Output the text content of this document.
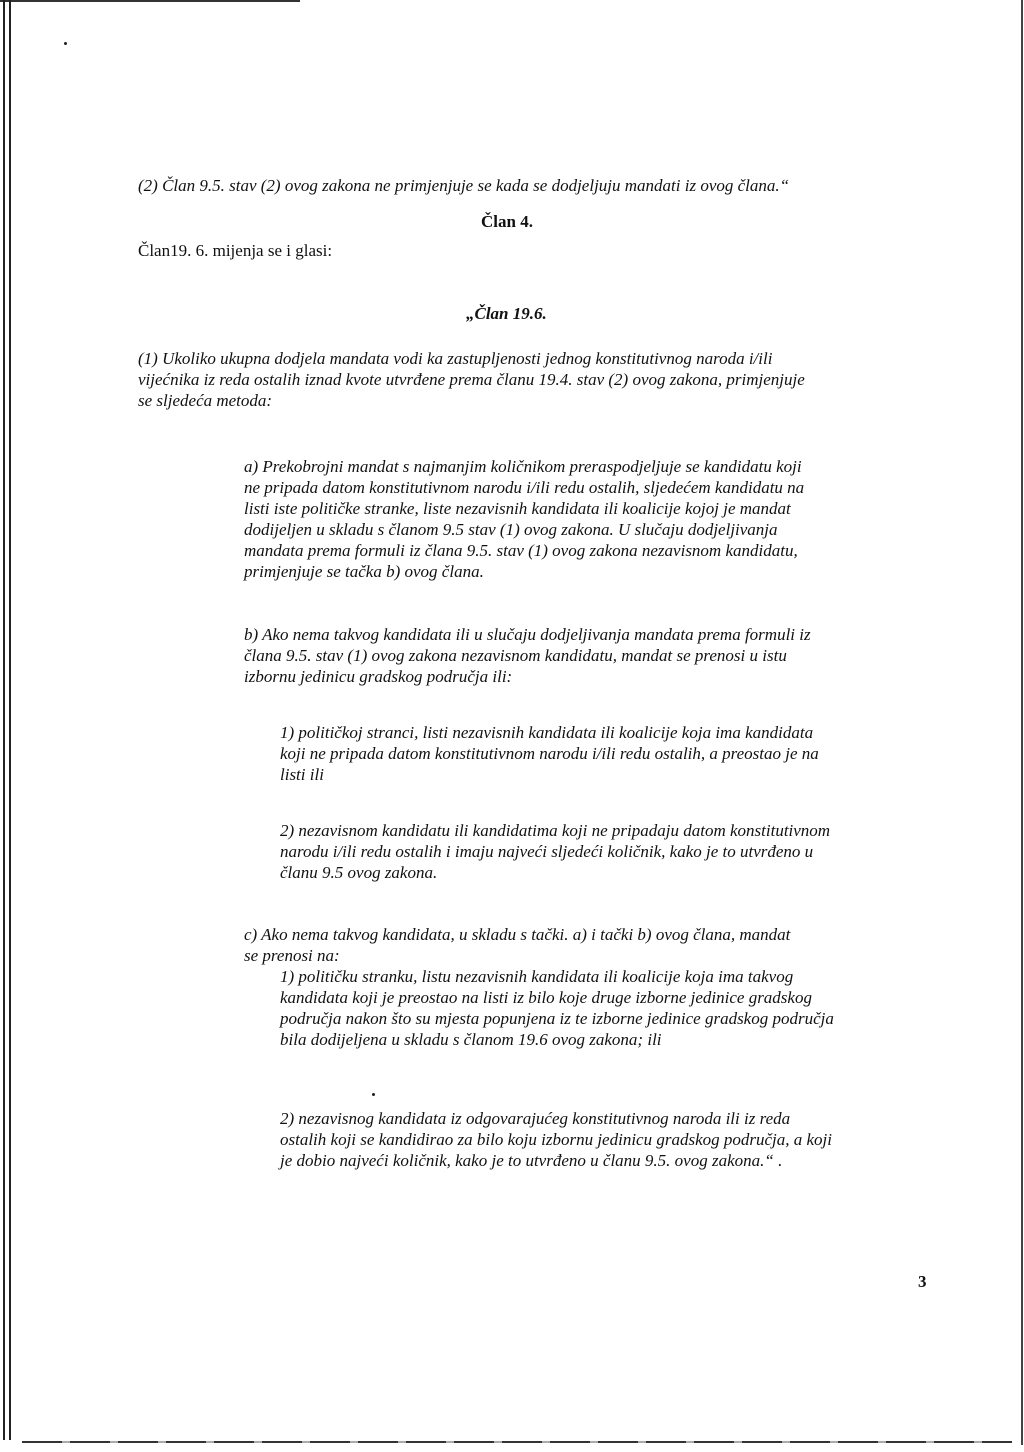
(2) Član 9.5. stav (2) ovog zakona ne primjenjuje se kada se dodjeljuju mandati iz ovog člana.“
Član 4.
Član19. 6. mijenja se i glasi:
„Član 19.6.
(1) Ukoliko ukupna dodjela mandata vodi ka zastupljenosti jednog konstitutivnog naroda i/ili
vijećnika iz reda ostalih iznad kvote utvrđene prema članu 19.4. stav (2) ovog zakona, primjenjuje
se sljedeća metoda:
a) Prekobrojni mandat s najmanjim količnikom preraspodjeljuje se kandidatu koji
ne pripada datom konstitutivnom narodu i/ili redu ostalih, sljedećem kandidatu na
listi iste političke stranke, liste nezavisnih kandidata ili koalicije kojoj je mandat
dodijeljen u skladu s članom 9.5 stav (1) ovog zakona. U slučaju dodjeljivanja
mandata prema formuli iz člana 9.5. stav (1) ovog zakona nezavisnom kandidatu,
primjenjuje se tačka b) ovog člana.
b) Ako nema takvog kandidata ili u slučaju dodjeljivanja mandata prema formuli iz
člana 9.5. stav (1) ovog zakona nezavisnom kandidatu, mandat se prenosi u istu
izbornu jedinicu gradskog područja ili:
1) političkoj stranci, listi nezavisnih kandidata ili koalicije koja ima kandidata
koji ne pripada datom konstitutivnom narodu i/ili redu ostalih, a preostao je na
listi ili
2) nezavisnom kandidatu ili kandidatima koji ne pripadaju datom konstitutivnom
narodu i/ili redu ostalih i imaju najveći sljedeći količnik, kako je to utvrđeno u
članu 9.5 ovog zakona.
c) Ako nema takvog kandidata, u skladu s tački. a) i tački b) ovog člana, mandat
se prenosi na:
1) političku stranku, listu nezavisnih kandidata ili koalicije koja ima takvog
kandidata koji je preostao na listi iz bilo koje druge izborne jedinice gradskog
područja nakon što su mjesta popunjena iz te izborne jedinice gradskog područja
bila dodijeljena u skladu s članom 19.6 ovog zakona; ili
2) nezavisnog kandidata iz odgovarajućeg konstitutivnog naroda ili iz reda
ostalih koji se kandidirao za bilo koju izbornu jedinicu gradskog područja, a koji
je dobio najveći količnik, kako je to utvrđeno u članu 9.5. ovog zakona.“ .
3
